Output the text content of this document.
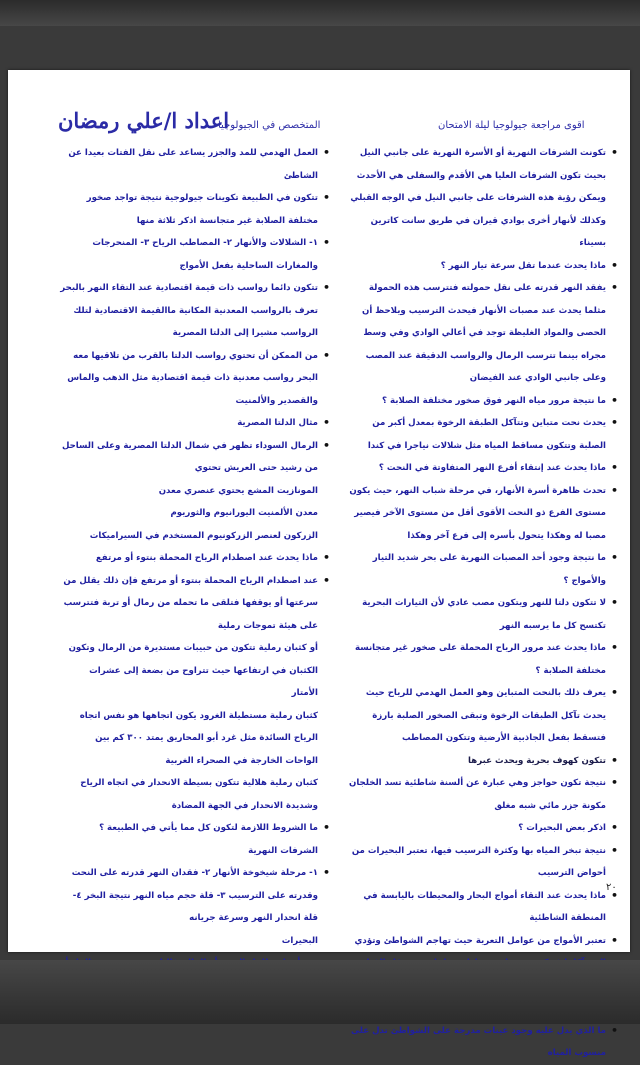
اعداد ا/علي رمضان
المتخصص في الجيولوجيا	اقوى مراجعة جيولوجيا ليلة الامتحان
• تكونت الشرفات النهرية أو الأسرة النهرية على جانبي النيل بحيث تكون الشرفات العليا هي الأقدم والسفلى هي الأحدث ويمكن رؤية هذه الشرفات على جانبي النيل في الوجه القبلي وكذلك لأنهار أخرى بوادي قيران في طريق سانت كاترين بسيناء
• ماذا يحدث عندما تقل سرعة تيار النهر ؟
• يفقد النهر قدرته على نقل حمولته فتترسب هذه الحمولة مثلما يحدث عند مصبات الأنهار فيحدث الترسيب ويلاحظ أن الحصى والمواد الغليظة توجد في أعالي الوادي وفي وسط مجراه بينما تترسب الرمال والرواسب الدقيقة عند المصب وعلى جانبي الوادي عند الفيضان
• ما نتيجة مرور مياه النهر فوق صخور مختلفة الصلابة ؟
• يحدث نحت متباين وتتآكل الطبقة الرخوة بمعدل أكبر من الصلبة وتتكون مساقط المياه مثل شلالات نياجرا في كندا
• ماذا يحدث عند إنتقاء أفرع النهر المتفاوتة في النحت ؟
• تحدث ظاهرة أسرة الأنهار، في مرحلة شباب النهر، حيث يكون مستوى الفرع ذو النحت الأقوى أقل من مستوى الآخر فيصير مصبا له وهكذا يتحول بأسره إلى فرع آخر وهكذا
• ما نتيجة وجود أحد المصبات النهرية على بحر شديد التيار والأمواج ؟
• لا تتكون دلتا للنهر ويتكون مصب عادي لأن التيارات البحرية تكتسح كل ما يرسبه النهر
• ماذا يحدث عند مرور الرياح المحملة على صخور غير متجانسة مختلفة الصلابة ؟
• يعرف ذلك بالنحت المتباين وهو العمل الهدمي للرياح حيث يحدث تآكل الطبقات الرخوة وتبقى الصخور الصلبة بارزة فتسقط بفعل الجاذبية الأرضية وتتكون المصاطب
• تتكون كهوف بحرية ويحدث عبرها
• نتيجة تكون حواجز وهي عبارة عن ألسنة شاطئية تسد الخلجان مكونة جزر مائي شبه مغلق
• اذكر بعض البحيرات ؟
• نتيجة تبخر المياه بها وكثرة الترسيب فيها، تعتبر البحيرات من أحواض الترسيب
• ماذا يحدث عند التقاء أمواج البحار والمحيطات باليابسة في المنطقة الشاطئية
• تعتبر الأمواج من عوامل التعرية حيث تهاجم الشواطئ وتؤدي
• ما الذي يدل عليه وجود عينات مدرجة على الشواطئ تدل على منسوب المياه
• العمل الهدمي للمد والجزر يساعد على نقل الفتات بعيدا عن الشاطئ
• تتكون في الطبيعة تكوينات جيولوجية نتيجة تواجد صخور مختلفة الصلابة غير متجانسة اذكر ثلاثة منها
• ١- الشلالات والأنهار ٢- المصاطب الرياح ٣- المنحرجات والمغارات الساحلية بفعل الأمواج
• تتكون دائما رواسب ذات قيمة اقتصادية عند التقاء النهر بالبحر تعرف بالرواسب المعدنية المكانية ماالقيمة الاقتصادية لتلك الرواسب مشيرا إلى الدلتا المصرية
• من الممكن أن تحتوي رواسب الدلتا بالقرب من تلاقيها معه البحر رواسب معدنية ذات قيمة اقتصادية مثل الذهب والماس والقصدير والألمنيت
• مثال الدلتا المصرية
• الرمال السوداء تظهر في شمال الدلتا المصرية وعلى الساحل من رشيد حتى العريش تحتوي
المونازيت المشع يحتوي عنصري معدن
معدن الألمنيت اليورانيوم والثوريوم
الزركون لعنصر الزركونيوم المستخدم في السيراميكات
• ماذا يحدث عند اصطدام الرياح المحملة بنتوء أو مرتفع
• عند اصطدام الرياح المحملة بنتوء أو مرتفع فإن ذلك يقلل من سرعتها أو يوقفها فتلقى ما تحمله من رمال أو تربة فتترسب على هيئة تموجات رملية
أو كثبان رملية تتكون من حبيبات مستديرة من الرمال وتكون الكثبان في ارتفاعها حيث تتراوح من بضعة إلى عشرات الأمتار
كثبان رملية مستطيلة الغرود يكون اتجاهها هو نفس اتجاه الرياح السائدة مثل غرد أبو المحاريق يمتد ٣٠٠ كم بين الواحات الخارجة في الصحراء الغربية
كثبان رملية هلالية تتكون بسيطة الانحدار في اتجاه الرياح وشديدة الانحدار في الجهة المضادة
• ما الشروط اللازمة لتكون كل مما يأتي في الطبيعة ؟ الشرفات النهرية
• ١- مرحلة شيخوخة الأنهار ٢- فقدان النهر قدرته على النحت وقدرته على الترسيب ٣- قلة حجم مياه النهر نتيجة البخر ٤- قلة انحدار النهر وسرعة جريانه
البحيرات
•
٢٠
